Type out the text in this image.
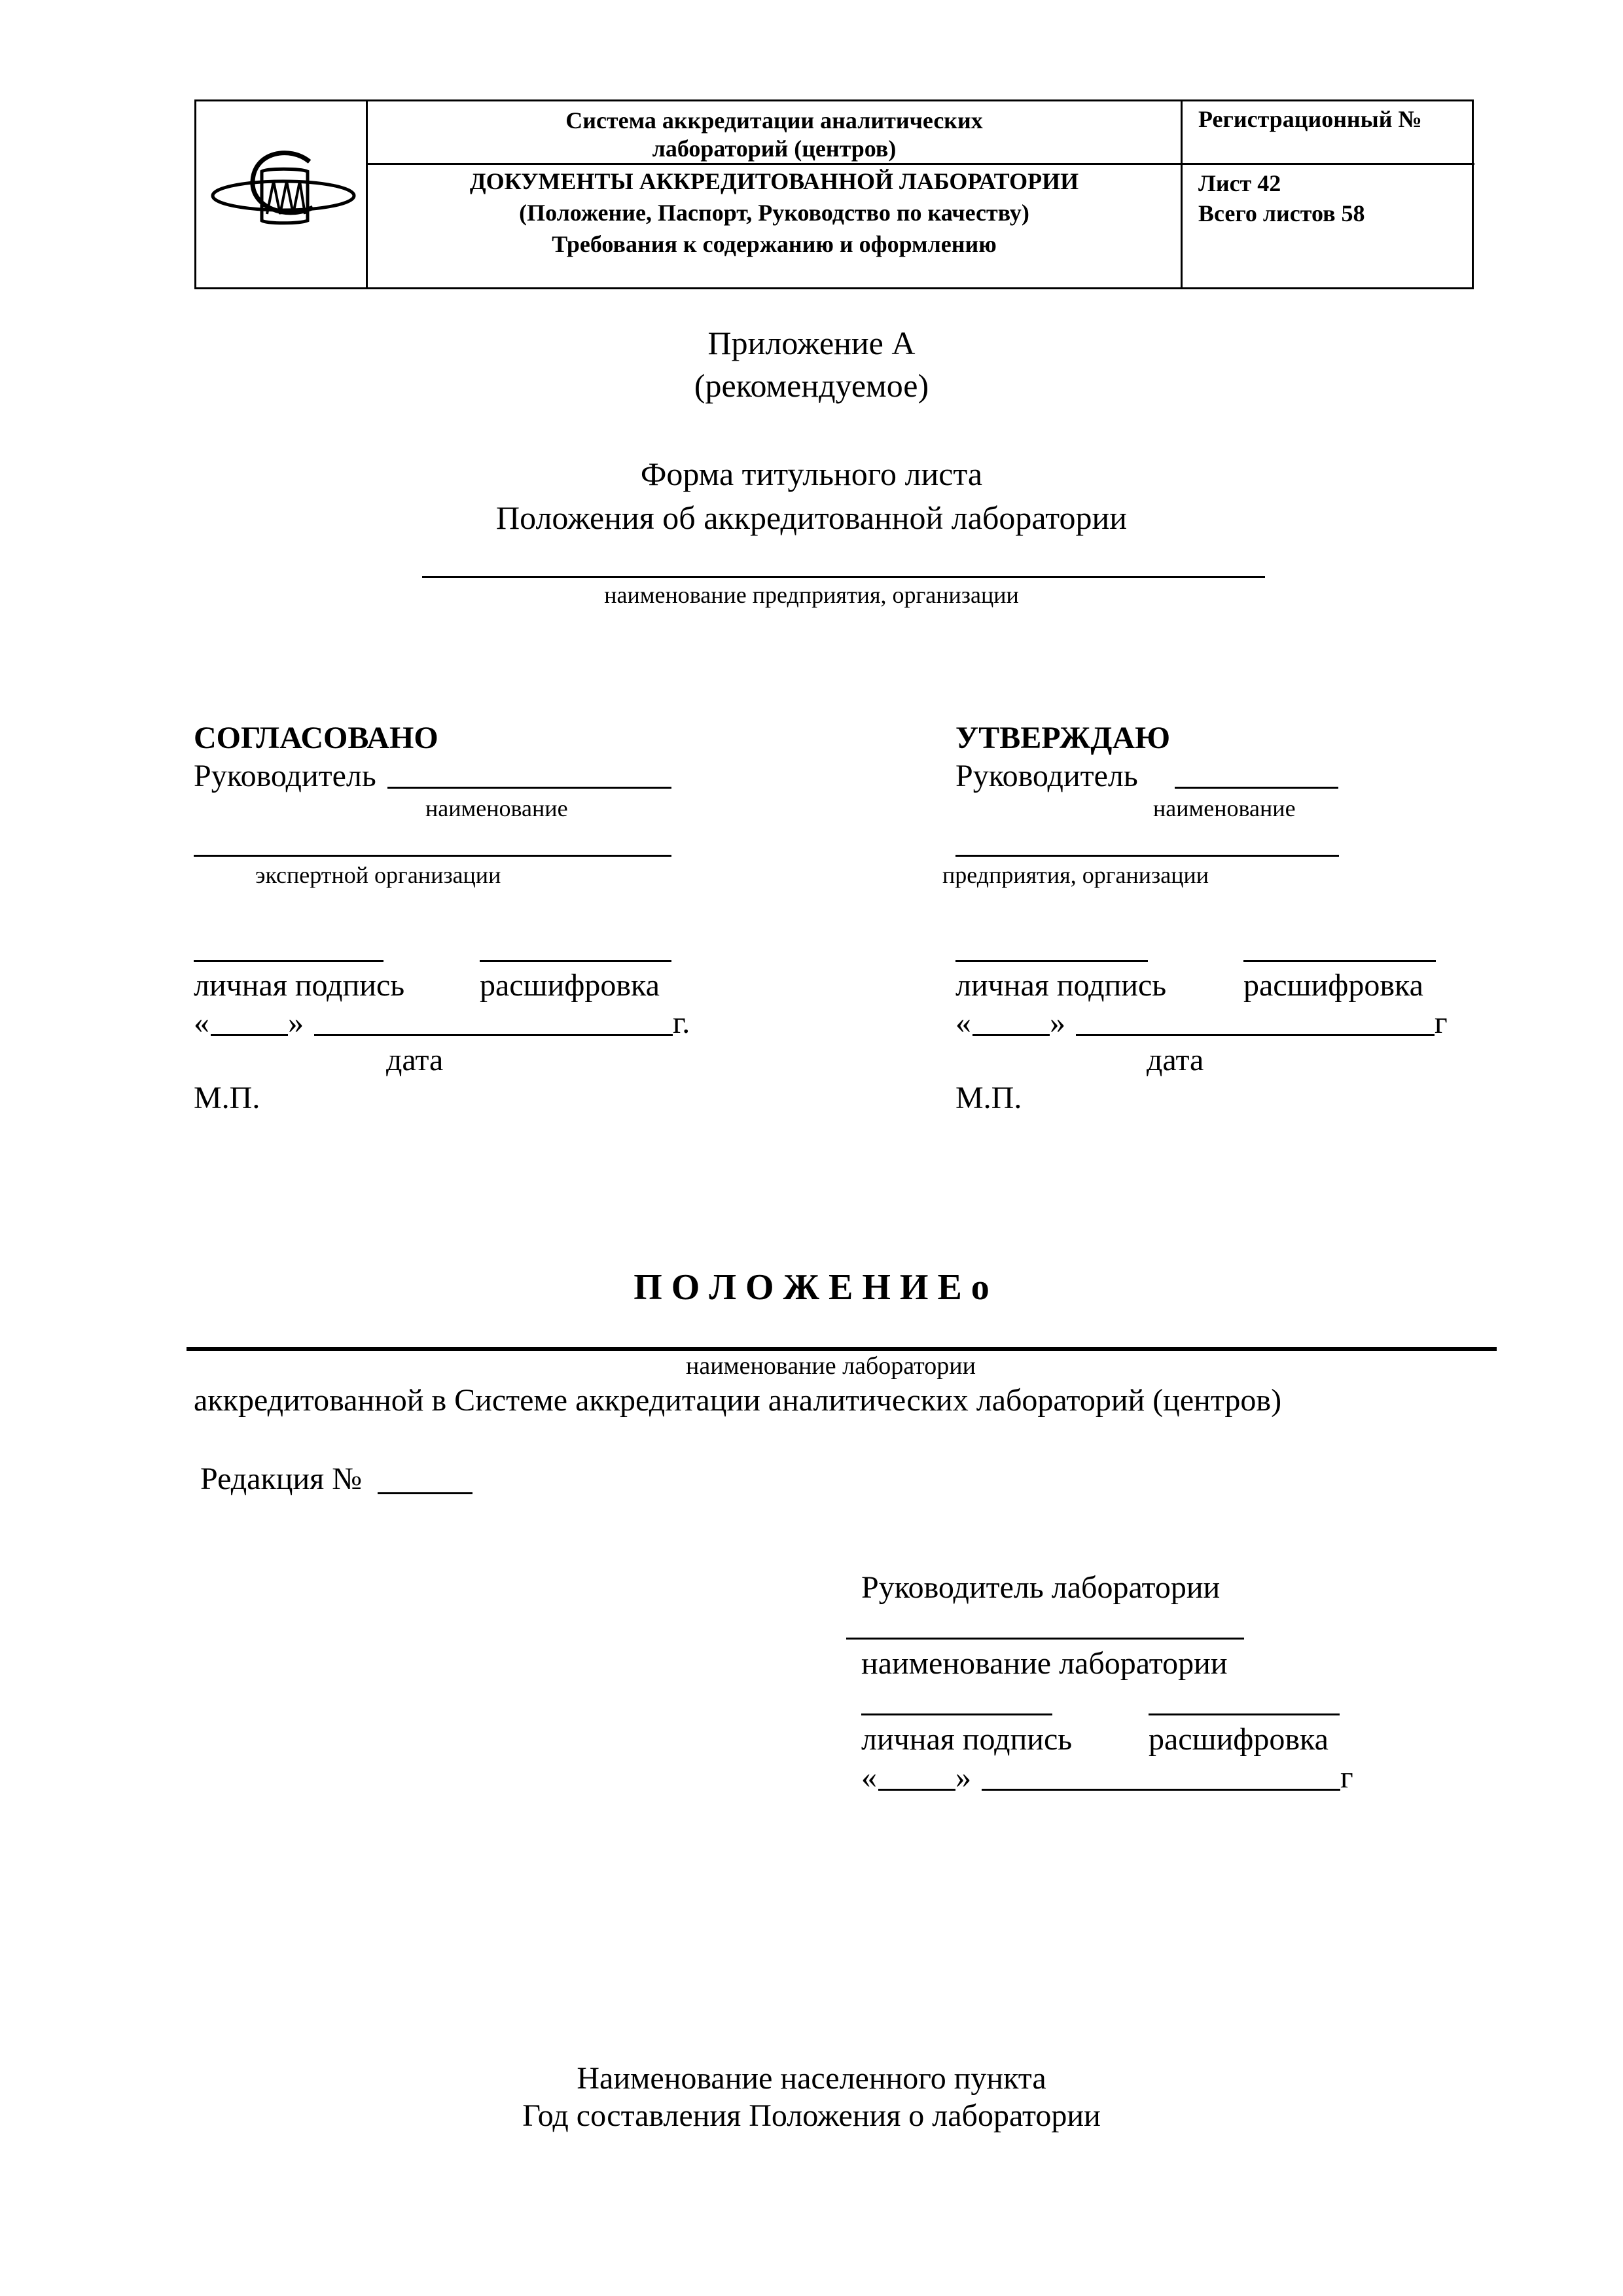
Система аккредитации аналитических
лабораторий (центров)
ДОКУМЕНТЫ АККРЕДИТОВАННОЙ ЛАБОРАТОРИИ
(Положение, Паспорт, Руководство по качеству)
Требования к содержанию и оформлению
Регистрационный №
Лист 42
Всего листов 58
Приложение А
(рекомендуемое)
Форма титульного листа
Положения об аккредитованной лаборатории
наименование предприятия, организации
СОГЛАСОВАНО
Руководитель
наименование
экспертной организации
личная подпись расшифровка
«	»	г.
дата
М.П.
УТВЕРЖДАЮ
Руководитель
наименование
предприятия, организации
личная подпись расшифровка
«	»	г
дата
М.П.
П О Л О Ж Е Н И Е о
наименование лаборатории
аккредитованной в Системе аккредитации аналитических лабораторий (центров)
Редакция №
Руководитель лаборатории
наименование лаборатории
личная подпись расшифровка
«	»	г
Наименование населенного пункта
Год составления Положения о лаборатории
